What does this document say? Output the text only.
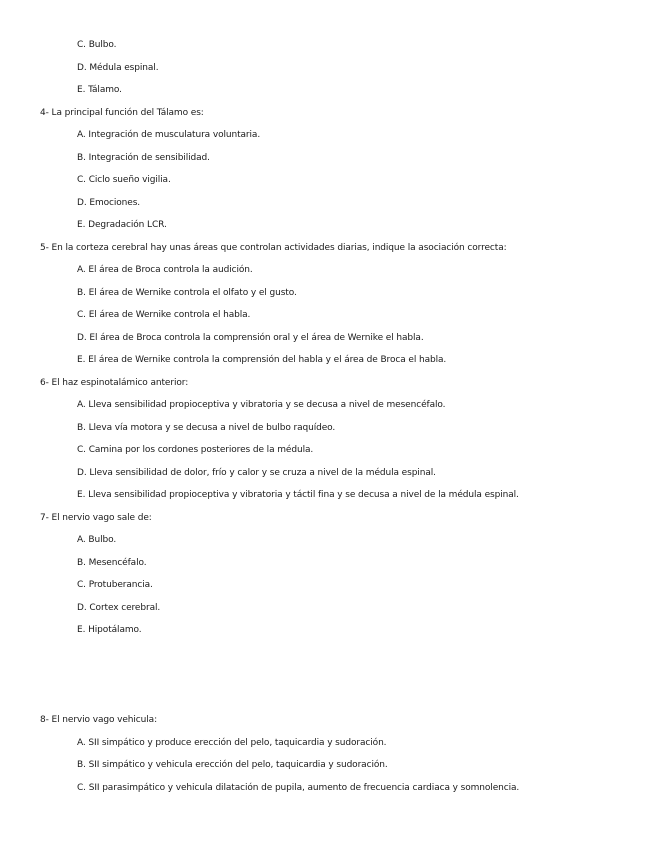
C. Bulbo.
D. Médula espinal.
E. Tálamo.
4- La principal función del Tálamo es:
A. Integración de musculatura voluntaria.
B. Integración de sensibilidad.
C. Ciclo sueño vigilia.
D. Emociones.
E. Degradación LCR.
5- En la corteza cerebral hay unas áreas que controlan actividades diarias, indique la asociación correcta:
A. El área de Broca controla la audición.
B. El área de Wernike controla el olfato y el gusto.
C. El área de Wernike controla el habla.
D. El área de Broca controla la comprensión oral y el área de Wernike el habla.
E. El área de Wernike controla la comprensión del habla y el área de Broca el habla.
6- El haz espinotalámico anterior:
A. Lleva sensibilidad propioceptiva y vibratoria y se decusa a nivel de mesencéfalo.
B. Lleva vía motora y se decusa a nivel de bulbo raquídeo.
C. Camina por los cordones posteriores de la médula.
D. Lleva sensibilidad de dolor, frío y calor y se cruza a nivel de la médula espinal.
E. Lleva sensibilidad propioceptiva y vibratoria y táctil fina y se decusa a nivel de la médula espinal.
7- El nervio vago sale de:
A. Bulbo.
B. Mesencéfalo.
C. Protuberancia.
D. Cortex cerebral.
E. Hipotálamo.
8- El nervio vago vehicula:
A. SII simpático y produce erección del pelo, taquicardia y sudoración.
B. SII simpático y vehicula erección del pelo, taquicardia y sudoración.
C. SII parasimpático y vehicula dilatación de pupila, aumento de frecuencia cardiaca y somnolencia.
